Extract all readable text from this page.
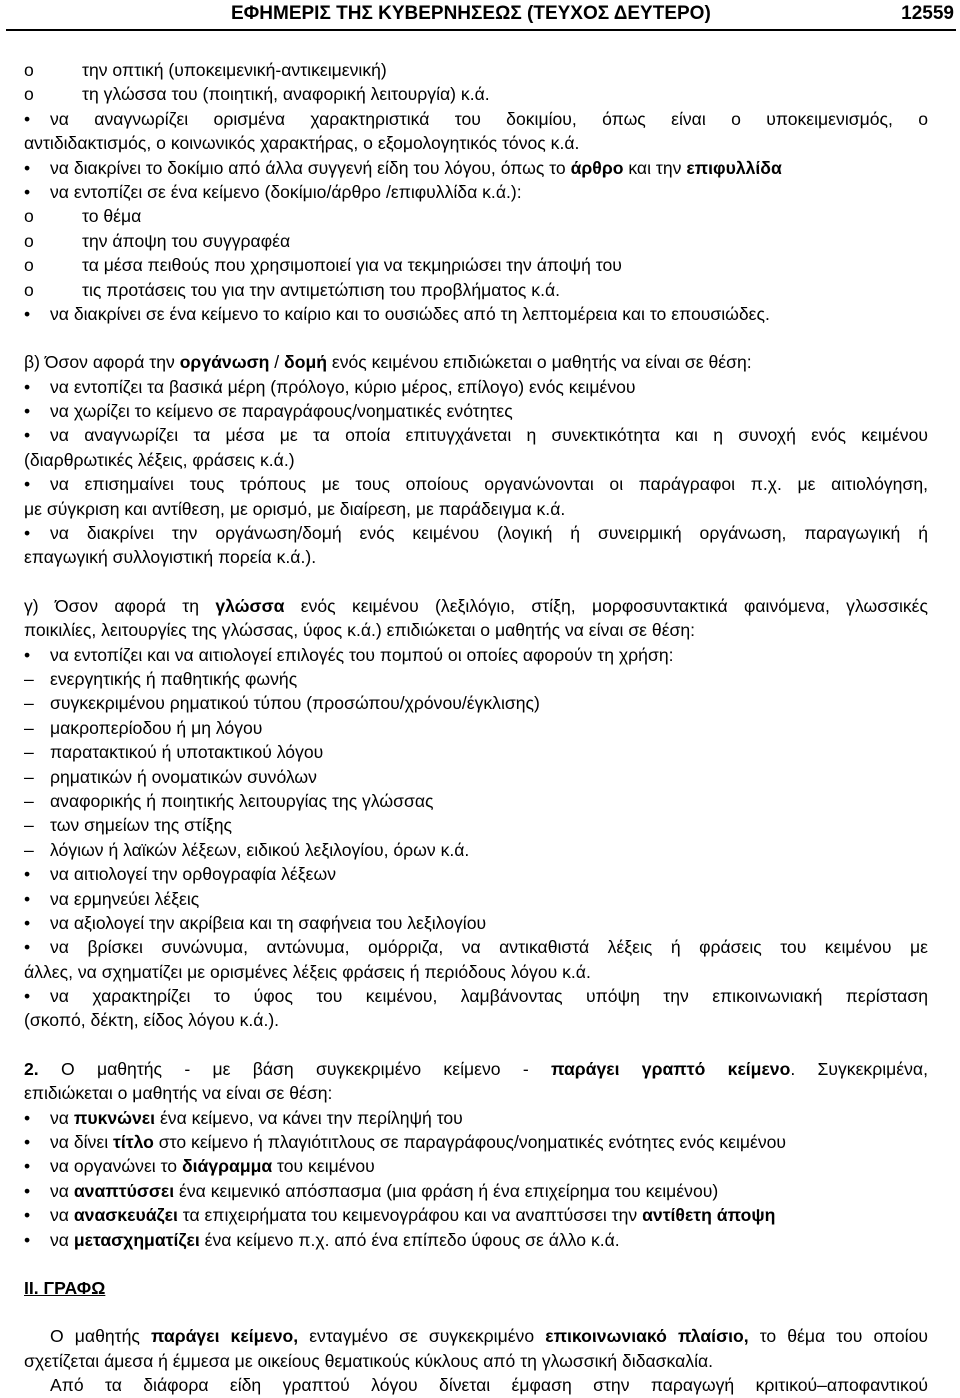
ΕΦΗΜΕΡΙΣ ΤΗΣ ΚΥΒΕΡΝΗΣΕΩΣ (ΤΕΥΧΟΣ ΔΕΥΤΕΡΟ)	12559
o	την οπτική (υποκειμενική-αντικειμενική)
o	τη γλώσσα του (ποιητική, αναφορική λειτουργία) κ.ά.
• να αναγνωρίζει ορισμένα χαρακτηριστικά του δοκιμίου, όπως είναι ο υποκειμενισμός, ο
αντιδιδακτισμός, ο κοινωνικός χαρακτήρας, ο εξομολογητικός τόνος κ.ά.
• να διακρίνει το δοκίμιο από άλλα συγγενή είδη του λόγου, όπως το άρθρο και την επιφυλλίδα
• να εντοπίζει σε ένα κείμενο (δοκίμιο/άρθρο /επιφυλλίδα κ.ά.):
o	το θέμα
o	την άποψη του συγγραφέα
o	τα μέσα πειθούς που χρησιμοποιεί για να τεκμηριώσει την άποψή του
o	τις προτάσεις του για την αντιμετώπιση του προβλήματος κ.ά.
• να διακρίνει σε ένα κείμενο το καίριο και το ουσιώδες από τη λεπτομέρεια και το επουσιώδες.
β) Όσον αφορά την οργάνωση / δομή ενός κειμένου επιδιώκεται ο μαθητής να είναι σε θέση:
• να εντοπίζει τα βασικά μέρη (πρόλογο, κύριο μέρος, επίλογο) ενός κειμένου
• να χωρίζει το κείμενο σε παραγράφους/νοηματικές ενότητες
• να αναγνωρίζει τα μέσα με τα οποία επιτυγχάνεται η συνεκτικότητα και η συνοχή ενός κειμένου
(διαρθρωτικές λέξεις, φράσεις κ.ά.)
• να επισημαίνει τους τρόπους με τους οποίους οργανώνονται οι παράγραφοι π.χ. με αιτιολόγηση,
με σύγκριση και αντίθεση, με ορισμό, με διαίρεση, με παράδειγμα κ.ά.
• να διακρίνει την οργάνωση/δομή ενός κειμένου (λογική ή συνειρμική οργάνωση, παραγωγική ή
επαγωγική συλλογιστική πορεία κ.ά.).
γ) Όσον αφορά τη γλώσσα ενός κειμένου (λεξιλόγιο, στίξη, μορφοσυντακτικά φαινόμενα, γλωσσικές
ποικιλίες, λειτουργίες της γλώσσας, ύφος κ.ά.) επιδιώκεται ο μαθητής να είναι σε θέση:
• να εντοπίζει και να αιτιολογεί επιλογές του πομπού οι οποίες αφορούν τη χρήση:
– ενεργητικής ή παθητικής φωνής
– συγκεκριμένου ρηματικού τύπου (προσώπου/χρόνου/έγκλισης)
– μακροπερίοδου ή μη λόγου
– παρατακτικού ή υποτακτικού λόγου
– ρηματικών ή ονοματικών συνόλων
– αναφορικής ή ποιητικής λειτουργίας της γλώσσας
– των σημείων της στίξης
– λόγιων ή λαϊκών λέξεων, ειδικού λεξιλογίου, όρων κ.ά.
• να αιτιολογεί την ορθογραφία λέξεων
• να ερμηνεύει λέξεις
• να αξιολογεί την ακρίβεια και τη σαφήνεια του λεξιλογίου
• να βρίσκει συνώνυμα, αντώνυμα, ομόρριζα, να αντικαθιστά λέξεις ή φράσεις του κειμένου με
άλλες, να σχηματίζει με ορισμένες λέξεις φράσεις ή περιόδους λόγου κ.ά.
• να χαρακτηρίζει το ύφος του κειμένου, λαμβάνοντας υπόψη την επικοινωνιακή περίσταση
(σκοπό, δέκτη, είδος λόγου κ.ά.).
2. Ο μαθητής - με βάση συγκεκριμένο κείμενο - παράγει γραπτό κείμενο. Συγκεκριμένα,
επιδιώκεται ο μαθητής να είναι σε θέση:
• να πυκνώνει ένα κείμενο, να κάνει την περίληψή του
• να δίνει τίτλο στο κείμενο ή πλαγιότιτλους σε παραγράφους/νοηματικές ενότητες ενός κειμένου
• να οργανώνει το διάγραμμα του κειμένου
• να αναπτύσσει ένα κειμενικό απόσπασμα (μια φράση ή ένα επιχείρημα του κειμένου)
• να ανασκευάζει τα επιχειρήματα του κειμενογράφου και να αναπτύσσει την αντίθετη άποψη
• να μετασχηματίζει ένα κείμενο π.χ. από ένα επίπεδο ύφους σε άλλο κ.ά.
ΙΙ. ΓΡΑΦΩ
Ο μαθητής παράγει κείμενο, ενταγμένο σε συγκεκριμένο επικοινωνιακό πλαίσιο, το θέμα του οποίου
σχετίζεται άμεσα ή έμμεσα με οικείους θεματικούς κύκλους από τη γλωσσική διδασκαλία.
Από τα διάφορα είδη γραπτού λόγου δίνεται έμφαση στην παραγωγή κριτικού–αποφαντικού
